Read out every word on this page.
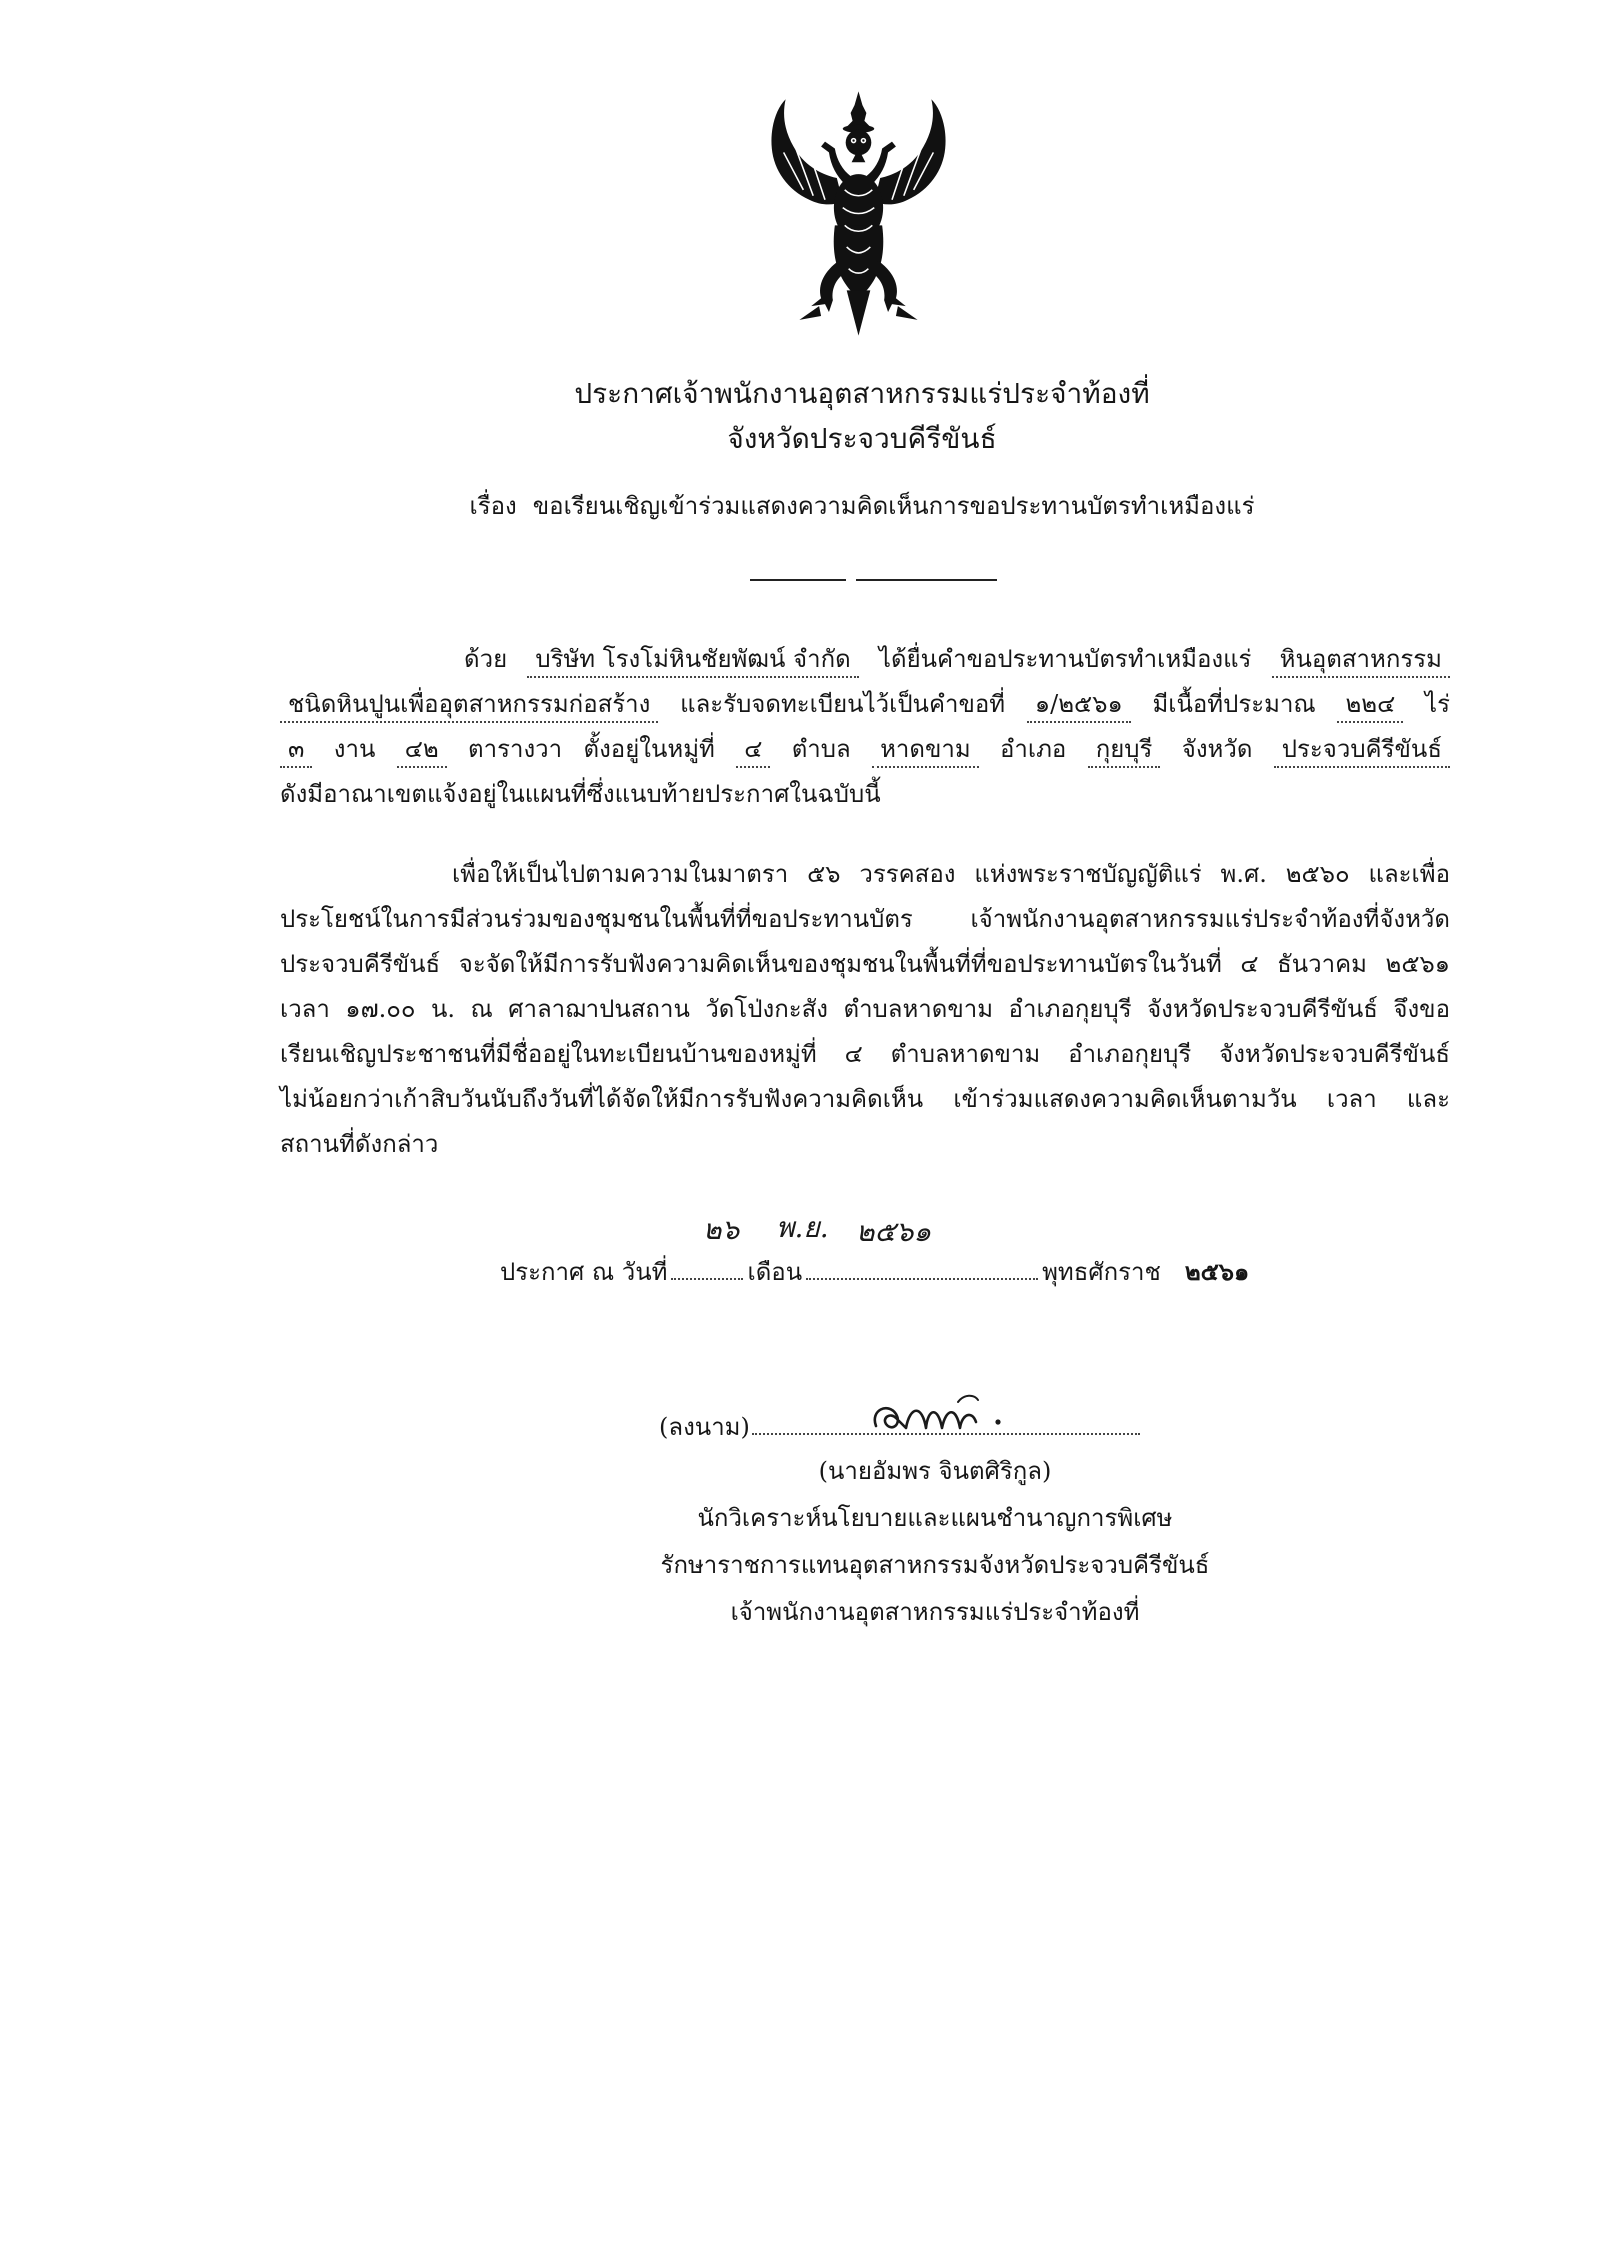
ประกาศเจ้าพนักงานอุตสาหกรรมแร่ประจำท้องที่
จังหวัดประจวบคีรีขันธ์
เรื่อง ขอเรียนเชิญเข้าร่วมแสดงความคิดเห็นการขอประทานบัตรทำเหมืองแร่
ด้วย บริษัท โรงโม่หินชัยพัฒน์ จำกัด ได้ยื่นคำขอประทานบัตรทำเหมืองแร่ หินอุตสาหกรรม
ชนิดหินปูนเพื่ออุตสาหกรรมก่อสร้าง และรับจดทะเบียนไว้เป็นคำขอที่ ๑/๒๕๖๑ มีเนื้อที่ประมาณ ๒๒๔ ไร่
๓ งาน ๔๒ ตารางวา ตั้งอยู่ในหมู่ที่ ๔ ตำบล หาดขาม อำเภอ กุยบุรี จังหวัด ประจวบคีรีขันธ์
ดังมีอาณาเขตแจ้งอยู่ในแผนที่ซึ่งแนบท้ายประกาศในฉบับนี้
เพื่อให้เป็นไปตามความในมาตรา ๕๖ วรรคสอง แห่งพระราชบัญญัติแร่ พ.ศ. ๒๕๖๐ และเพื่อ
ประโยชน์ในการมีส่วนร่วมของชุมชนในพื้นที่ที่ขอประทานบัตร เจ้าพนักงานอุตสาหกรรมแร่ประจำท้องที่จังหวัด
ประจวบคีรีขันธ์ จะจัดให้มีการรับฟังความคิดเห็นของชุมชนในพื้นที่ที่ขอประทานบัตรในวันที่ ๔ ธันวาคม ๒๕๖๑
เวลา ๑๗.๐๐ น. ณ ศาลาฌาปนสถาน วัดโป่งกะสัง ตำบลหาดขาม อำเภอกุยบุรี จังหวัดประจวบคีรีขันธ์ จึงขอ
เรียนเชิญประชาชนที่มีชื่ออยู่ในทะเบียนบ้านของหมู่ที่ ๔ ตำบลหาดขาม อำเภอกุยบุรี จังหวัดประจวบคีรีขันธ์
ไม่น้อยกว่าเก้าสิบวันนับถึงวันที่ได้จัดให้มีการรับฟังความคิดเห็น เข้าร่วมแสดงความคิดเห็นตามวัน เวลา และ
สถานที่ดังกล่าว
๒๖ พ.ย. ๒๕๖๑
ประกาศ ณ วันที่	เดือน	พุทธศักราช ๒๕๖๑
(ลงนาม)
(นายอัมพร จินตศิริกูล)
นักวิเคราะห์นโยบายและแผนชำนาญการพิเศษ
รักษาราชการแทนอุตสาหกรรมจังหวัดประจวบคีรีขันธ์
เจ้าพนักงานอุตสาหกรรมแร่ประจำท้องที่
